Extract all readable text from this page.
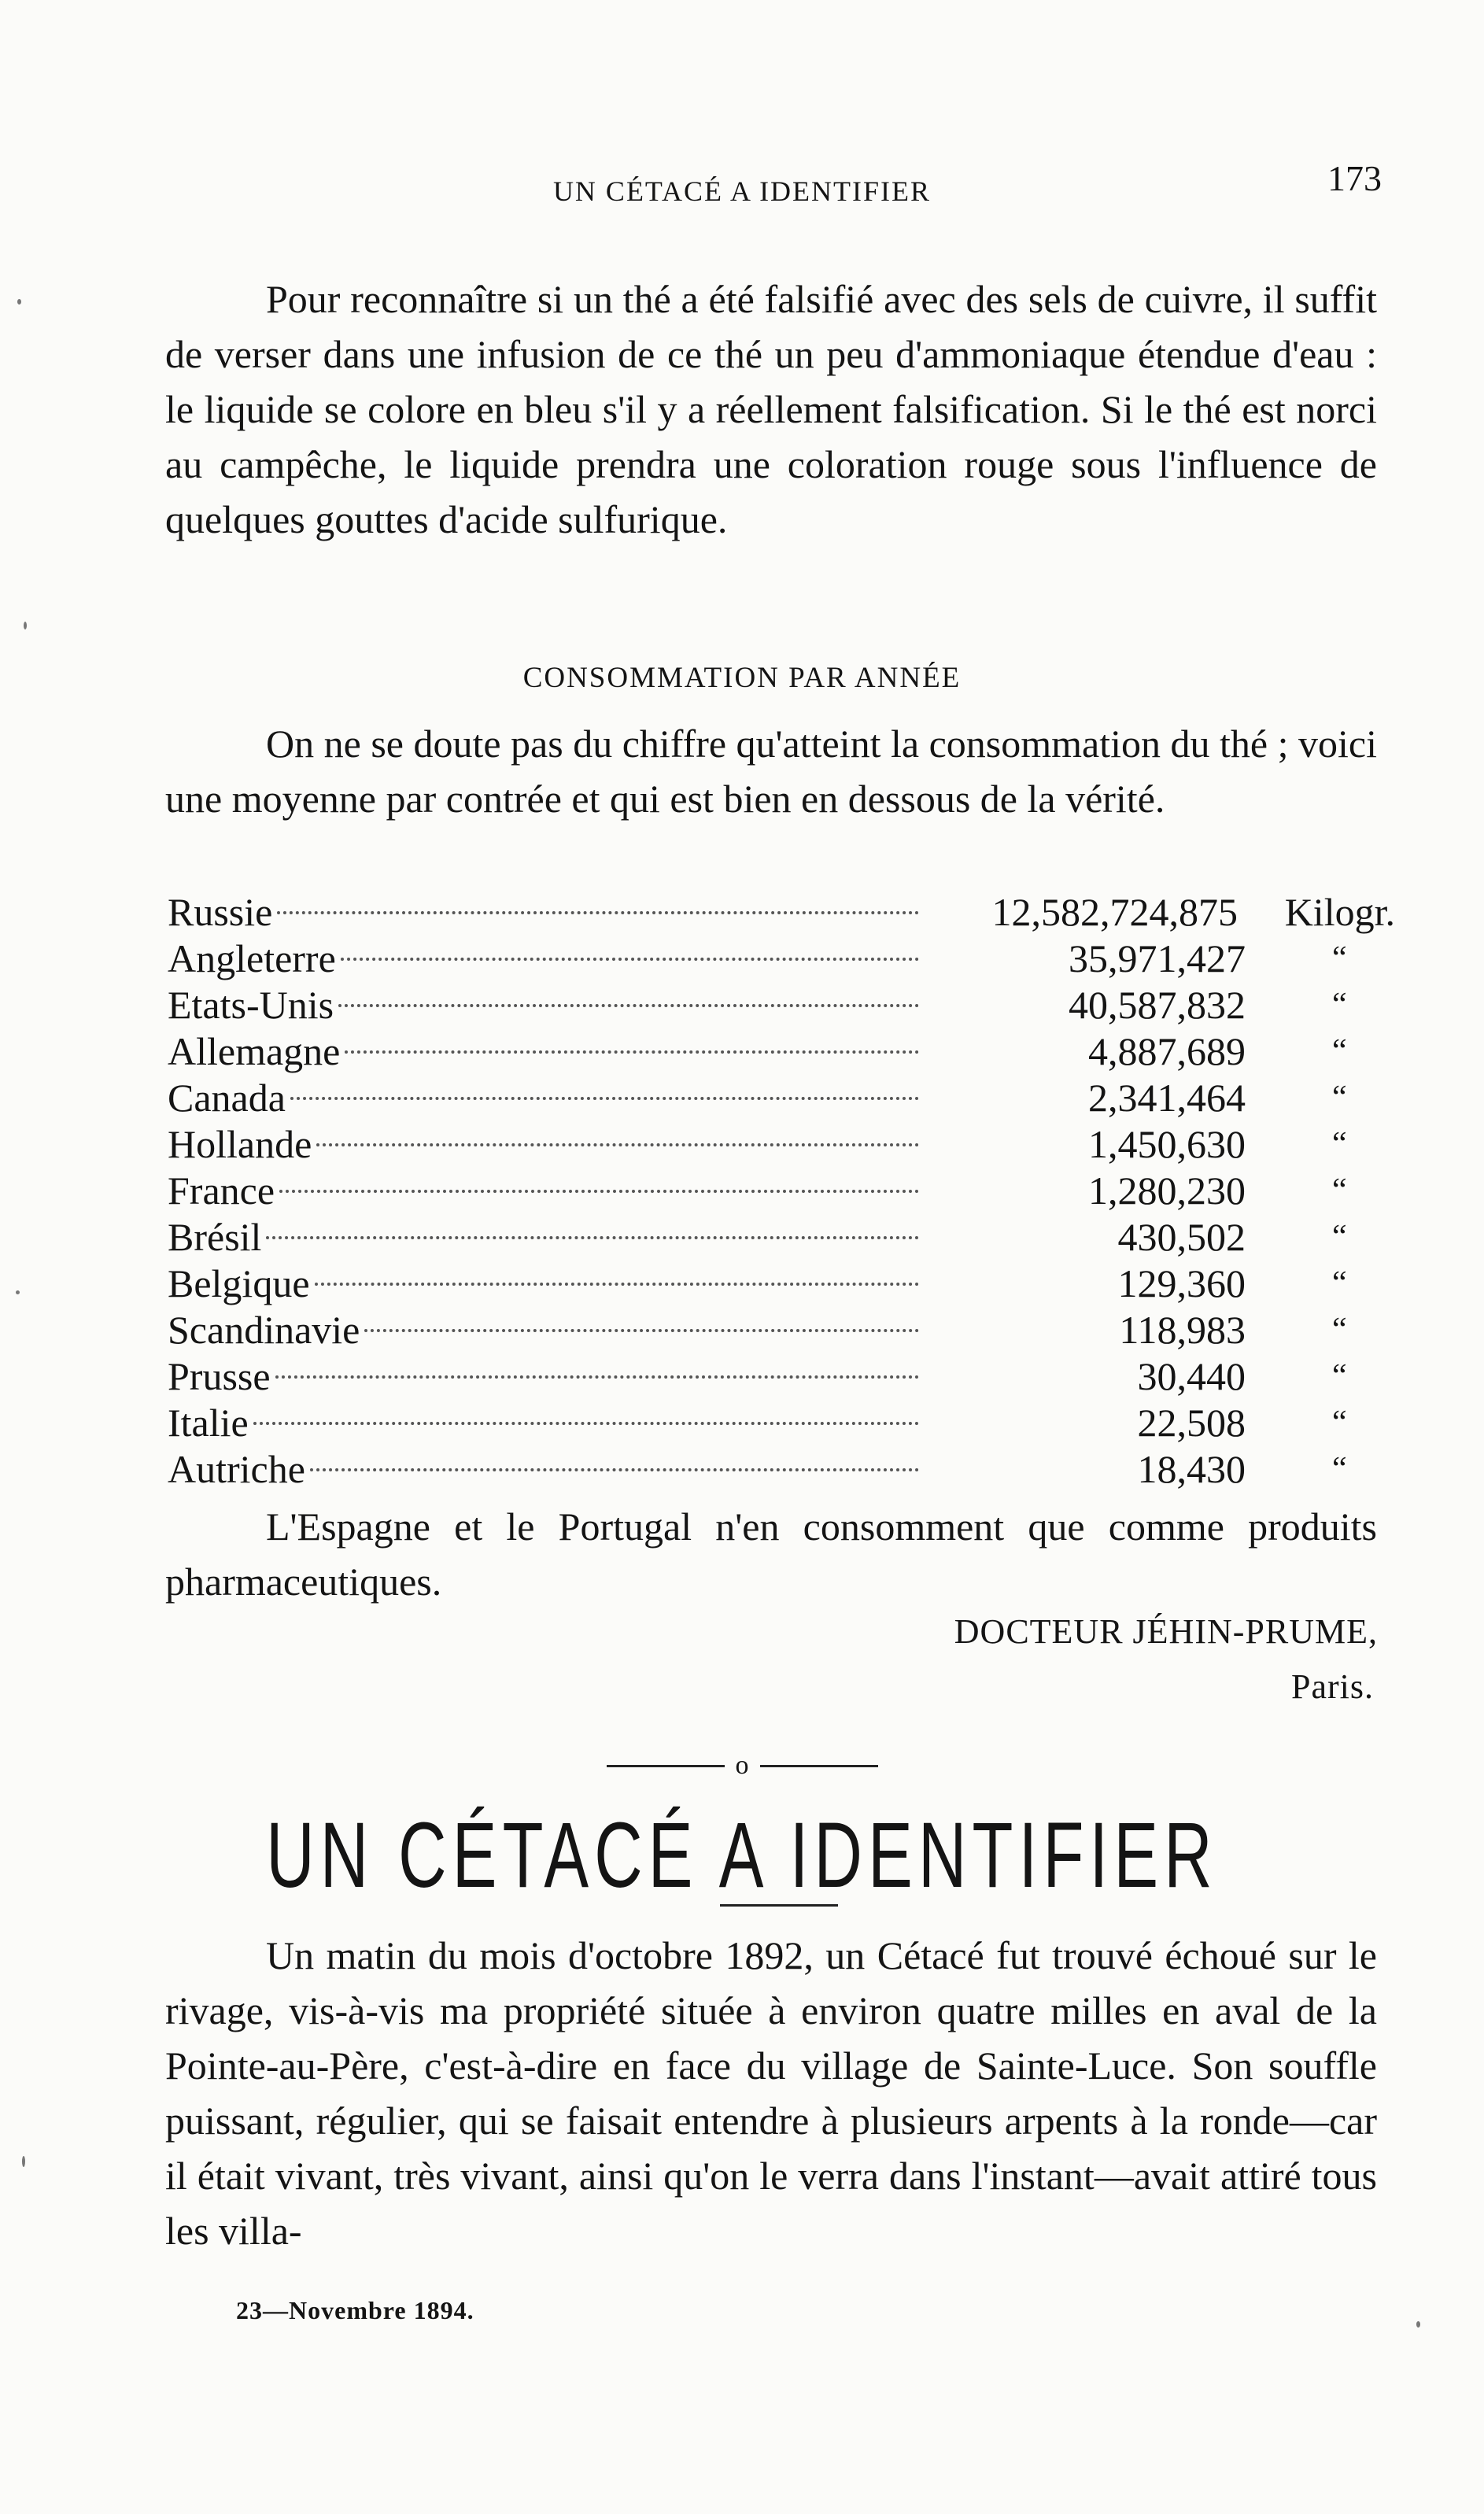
UN CÉTACÉ A IDENTIFIER	173

Pour reconnaître si un thé a été falsifié avec des sels de cuivre, il suffit de verser dans une infusion de ce thé un peu d'ammoniaque étendue d'eau : le liquide se colore en bleu s'il y a réellement falsification. Si le thé est norci au campêche, le liquide prendra une coloration rouge sous l'influence de quelques gouttes d'acide sulfurique.

CONSOMMATION PAR ANNÉE

On ne se doute pas du chiffre qu'atteint la consommation du thé ; voici une moyenne par contrée et qui est bien en dessous de la vérité.

Russie	12,582,724,875 Kilogr.
Angleterre	35,971,427	“
Etats-Unis	40,587,832	“
Allemagne	4,887,689	“
Canada	2,341,464	“
Hollande	1,450,630	“
France	1,280,230	“
Brésil	430,502	“
Belgique	129,360	“
Scandinavie	118,983	“
Prusse	30,440	“
Italie	22,508	“
Autriche	18,430	“

L'Espagne et le Portugal n'en consomment que comme produits pharmaceutiques.

DOCTEUR JÉHIN-PRUME,
Paris.
o
UN CÉTACÉ A IDENTIFIER

Un matin du mois d'octobre 1892, un Cétacé fut trouvé échoué sur le rivage, vis-à-vis ma propriété située à environ quatre milles en aval de la Pointe-au-Père, c'est-à-dire en face du village de Sainte-Luce. Son souffle puissant, régulier, qui se faisait entendre à plusieurs arpents à la ronde—car il était vivant, très vivant, ainsi qu'on le verra dans l'instant—avait attiré tous les villa-

23—Novembre 1894.
